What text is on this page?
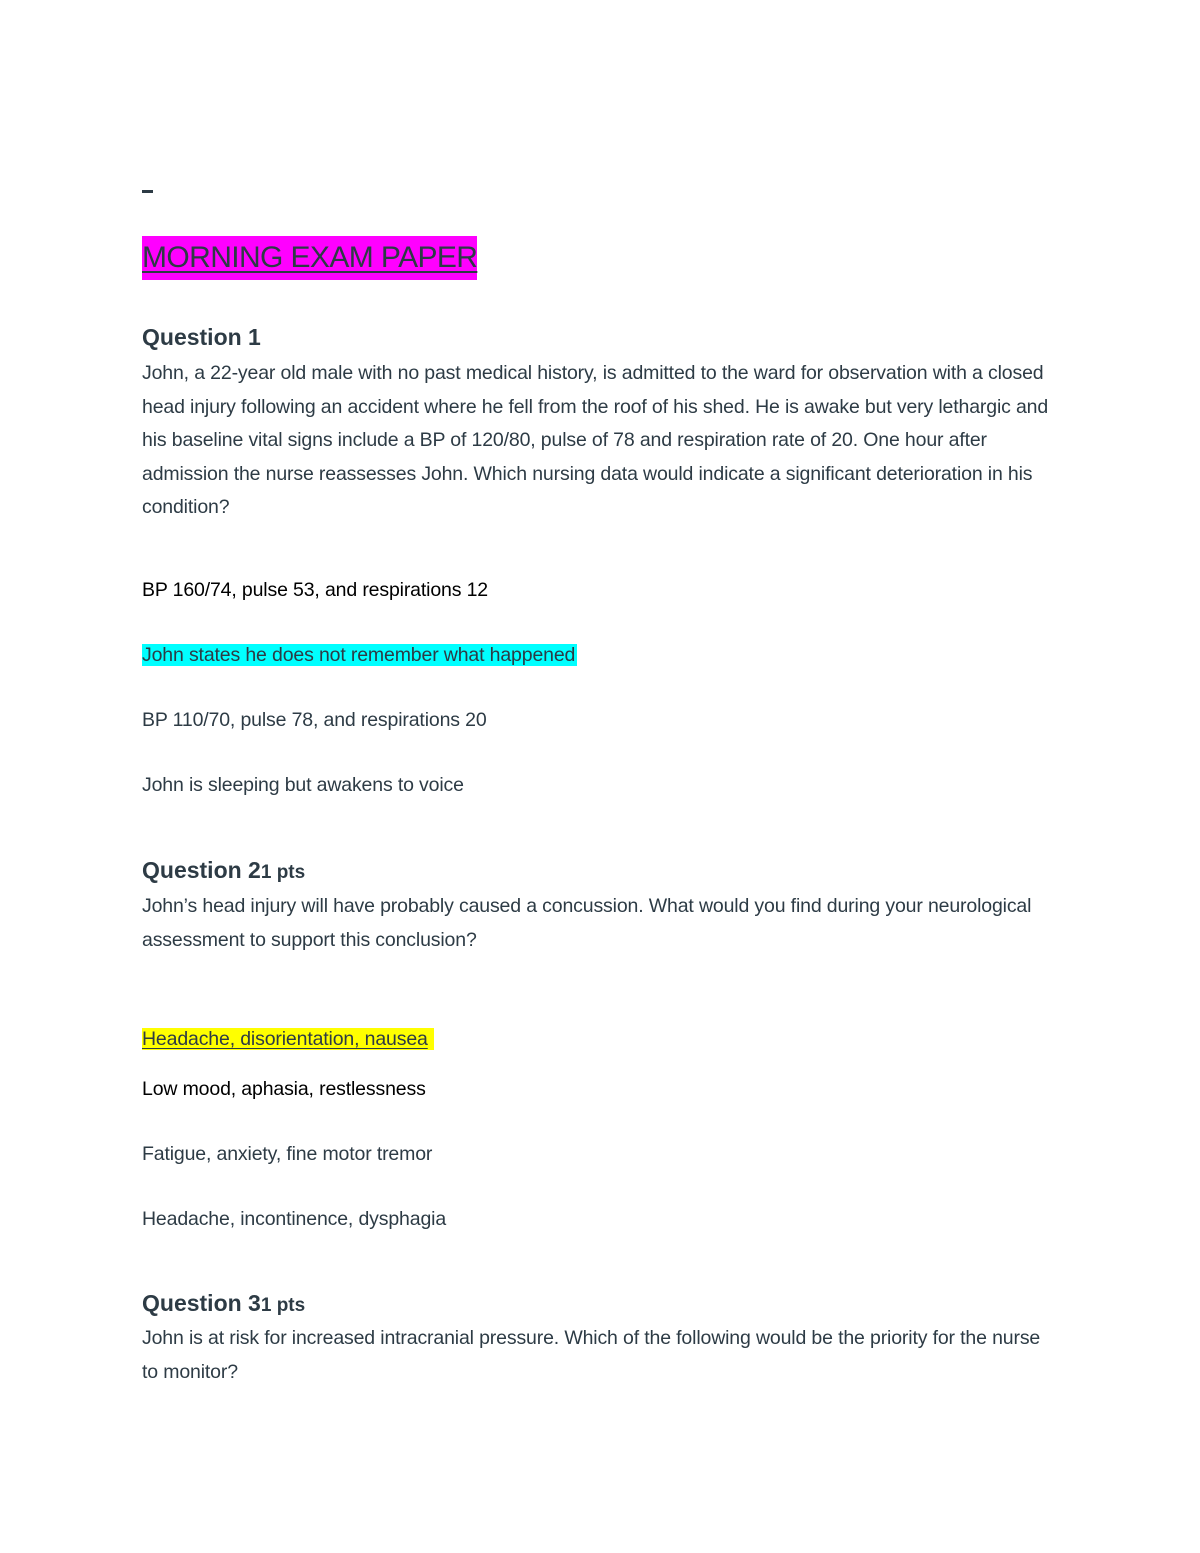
MORNING EXAM PAPER
Question 1
John, a 22-year old male with no past medical history, is admitted to the ward for observation with a closed head injury following an accident where he fell from the roof of his shed. He is awake but very lethargic and his baseline vital signs include a BP of 120/80, pulse of 78 and respiration rate of 20. One hour after admission the nurse reassesses John. Which nursing data would indicate a significant deterioration in his condition?
BP 160/74, pulse 53, and respirations 12
John states he does not remember what happened
BP 110/70, pulse 78, and respirations 20
John is sleeping but awakens to voice
Question 21 pts
John’s head injury will have probably caused a concussion. What would you find during your neurological assessment to support this conclusion?
Headache, disorientation, nausea
Low mood, aphasia, restlessness
Fatigue, anxiety, fine motor tremor
Headache, incontinence, dysphagia
Question 31 pts
John is at risk for increased intracranial pressure. Which of the following would be the priority for the nurse to monitor?
